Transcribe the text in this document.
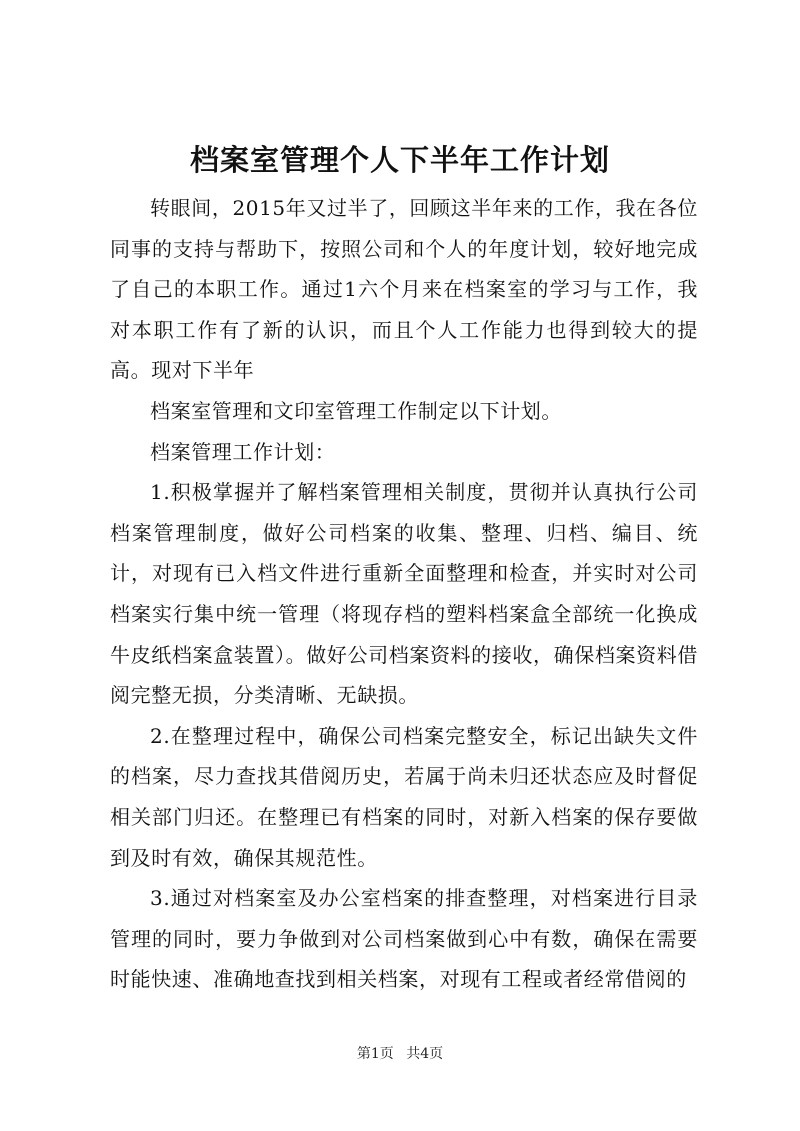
档案室管理个人下半年工作计划

转眼间，2015年又过半了，回顾这半年来的工作，我在各位同事的支持与帮助下，按照公司和个人的年度计划，较好地完成了自己的本职工作。通过1六个月来在档案室的学习与工作，我对本职工作有了新的认识，而且个人工作能力也得到较大的提高。现对下半年

档案室管理和文印室管理工作制定以下计划。

档案管理工作计划：

1.积极掌握并了解档案管理相关制度，贯彻并认真执行公司档案管理制度，做好公司档案的收集、整理、归档、编目、统计，对现有已入档文件进行重新全面整理和检查，并实时对公司档案实行集中统一管理（将现存档的塑料档案盒全部统一化换成牛皮纸档案盒装置）。做好公司档案资料的接收，确保档案资料借阅完整无损，分类清晰、无缺损。

2.在整理过程中，确保公司档案完整安全，标记出缺失文件的档案，尽力查找其借阅历史，若属于尚未归还状态应及时督促相关部门归还。在整理已有档案的同时，对新入档案的保存要做到及时有效，确保其规范性。

3.通过对档案室及办公室档案的排查整理，对档案进行目录管理的同时，要力争做到对公司档案做到心中有数，确保在需要时能快速、准确地查找到相关档案，对现有工程或者经常借阅的

第1页 共4页
